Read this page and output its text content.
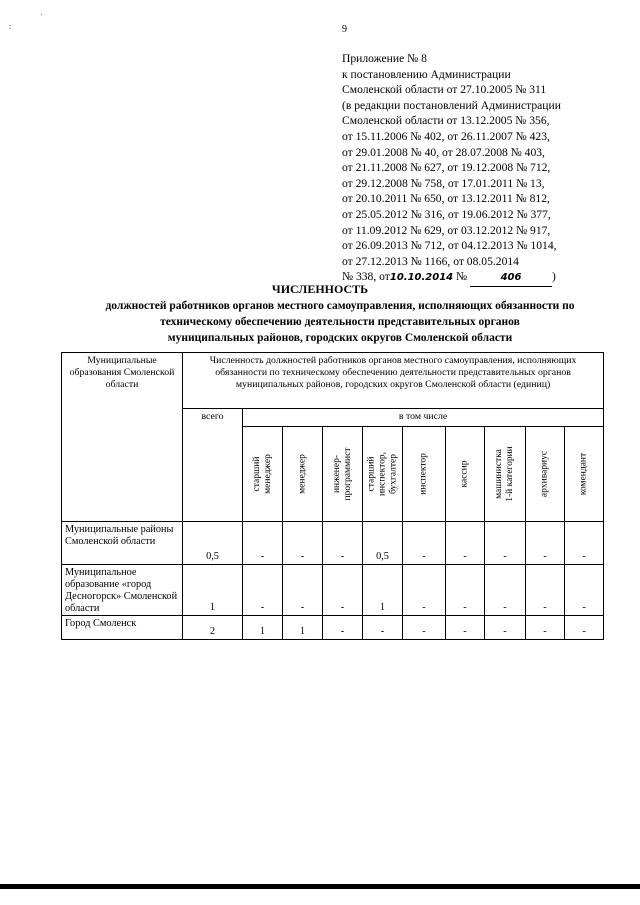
9
:
`
Приложение № 8
к постановлению Администрации
Смоленской области от 27.10.2005 № 311
(в редакции постановлений Администрации
Смоленской области от 13.12.2005 № 356,
от 15.11.2006 № 402, от 26.11.2007 № 423,
от 29.01.2008 № 40, от 28.07.2008 № 403,
от 21.11.2008 № 627, от 19.12.2008 № 712,
от 29.12.2008 № 758, от 17.01.2011 № 13,
от 20.10.2011 № 650, от 13.12.2011 № 812,
от 25.05.2012 № 316, от 19.06.2012 № 377,
от 11.09.2012 № 629, от 03.12.2012 № 917,
от 26.09.2013 № 712, от 04.12.2013 № 1014,
от 27.12.2013 № 1166, от 08.05.2014
№ 338, от10.10.2014 №	406	)
ЧИСЛЕННОСТЬ
должностей работников органов местного самоуправления, исполняющих обязанности по
техническому обеспечению деятельности представительных органов
муниципальных районов, городских округов Смоленской области
Муниципальные образования Смоленской области	Численность должностей работников органов местного самоуправления, исполняющих обязанности по техническому обеспечению деятельности представительных органов муниципальных районов, городских округов Смоленской области (единиц)									
	всего	в том числе								

		старший
менеджер	менеджер	инженер-
программист	старший
инспектор,
бухгалтер	инспектор	кассир	машинистка
1-й категории	архивариус	комендант

Муниципальные районы Смоленской области	0,5	-	-	-	0,5	-	-	-	-	-
Муниципальное образование «город Десногорск» Смоленской области	1	-	-	-	1	-	-	-	-	-
Город Смоленск	2	1	1	-	-	-	-	-	-	-
